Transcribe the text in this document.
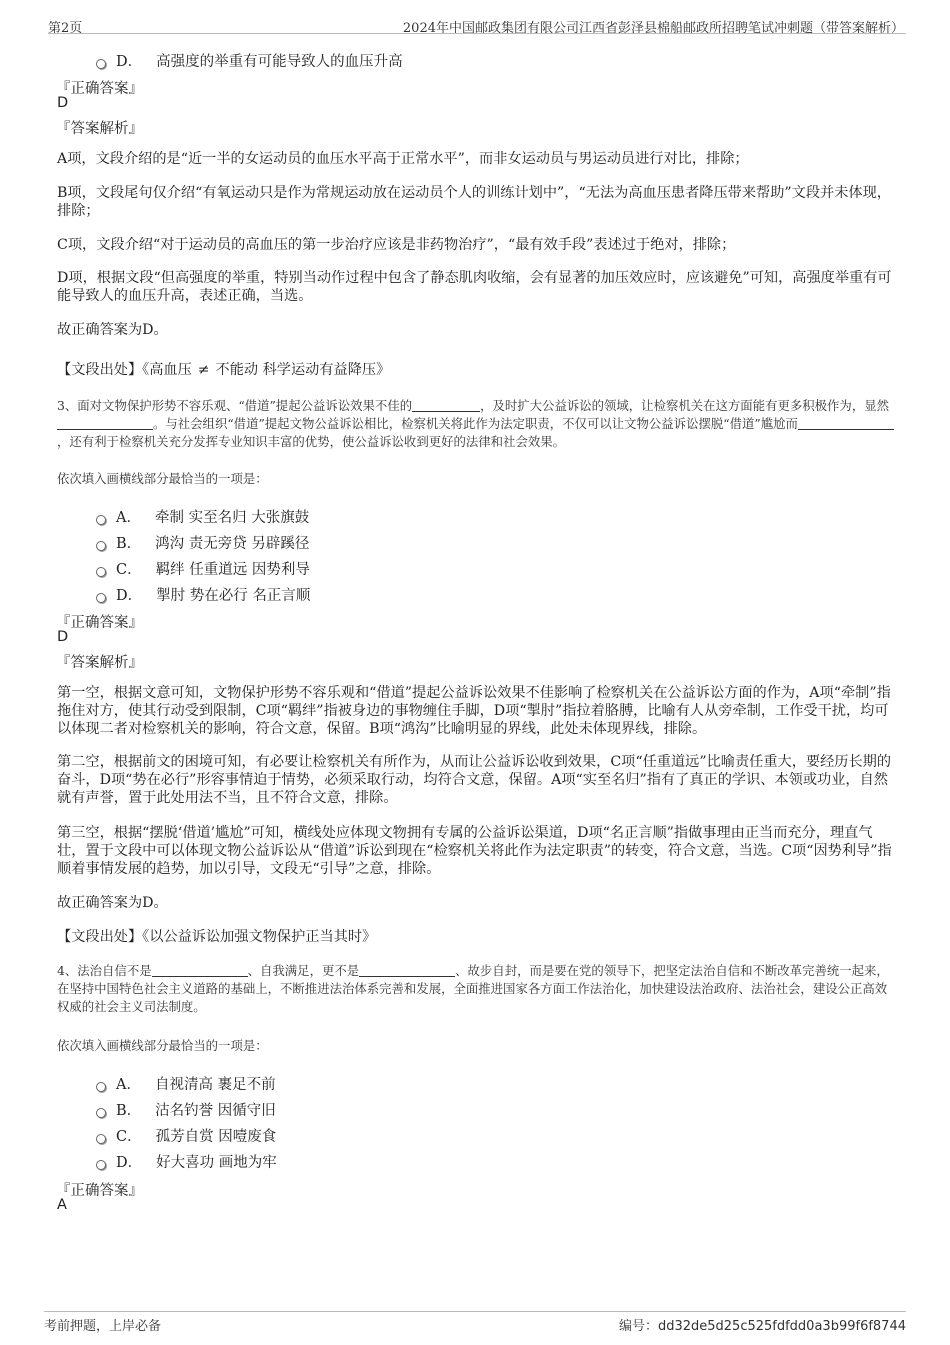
第2页	2024年中国邮政集团有限公司江西省彭泽县棉船邮政所招聘笔试冲刺题（带答案解析）
D． 高强度的举重有可能导致人的血压升高
『正确答案』
D
『答案解析』
A项，文段介绍的是“近一半的女运动员的血压水平高于正常水平”，而非女运动员与男运动员进行对比，排除；
B项，文段尾句仅介绍“有氧运动只是作为常规运动放在运动员个人的训练计划中”，“无法为高血压患者降压带来帮助”文段并未体现，排除；
C项，文段介绍“对于运动员的高血压的第一步治疗应该是非药物治疗”，“最有效手段”表述过于绝对，排除；
D项，根据文段“但高强度的举重，特别当动作过程中包含了静态肌肉收缩，会有显著的加压效应时，应该避免”可知，高强度举重有可能导致人的血压升高，表述正确，当选。
故正确答案为D。
【文段出处】《高血压 ≠ 不能动 科学运动有益降压》
3、面对文物保护形势不容乐观、“借道”提起公益诉讼效果不佳的	，及时扩大公益诉讼的领域，让检察机关在这方面能有更多积极作为，显然。与社会组织“借道”提起文物公益诉讼相比，检察机关将此作为法定职责，不仅可以让文物公益诉讼摆脱“借道”尴尬而，还有利于检察机关充分发挥专业知识丰富的优势，使公益诉讼收到更好的法律和社会效果。
依次填入画横线部分最恰当的一项是：
A． 牵制 实至名归 大张旗鼓
B． 鸿沟 责无旁贷 另辟蹊径
C． 羁绊 任重道远 因势利导
D． 掣肘 势在必行 名正言顺
『正确答案』
D
『答案解析』
第一空，根据文意可知，文物保护形势不容乐观和“借道”提起公益诉讼效果不佳影响了检察机关在公益诉讼方面的作为，A项“牵制”指拖住对方，使其行动受到限制，C项“羁绊”指被身边的事物缠住手脚，D项“掣肘”指拉着胳膊，比喻有人从旁牵制，工作受干扰，均可以体现二者对检察机关的影响，符合文意，保留。B项“鸿沟”比喻明显的界线，此处未体现界线，排除。
第二空，根据前文的困境可知，有必要让检察机关有所作为，从而让公益诉讼收到效果，C项“任重道远”比喻责任重大，要经历长期的奋斗，D项“势在必行”形容事情迫于情势，必须采取行动，均符合文意，保留。A项“实至名归”指有了真正的学识、本领或功业，自然就有声誉，置于此处用法不当，且不符合文意，排除。
第三空，根据“摆脱‘借道’尴尬”可知，横线处应体现文物拥有专属的公益诉讼渠道，D项“名正言顺”指做事理由正当而充分，理直气壮，置于文段中可以体现文物公益诉讼从“借道”诉讼到现在“检察机关将此作为法定职责”的转变，符合文意，当选。C项“因势利导”指顺着事情发展的趋势，加以引导，文段无“引导”之意，排除。
故正确答案为D。
【文段出处】《以公益诉讼加强文物保护正当其时》
4、法治自信不是	、自我满足，更不是	、故步自封，而是要在党的领导下，把坚定法治自信和不断改革完善统一起来，在坚持中国特色社会主义道路的基础上，不断推进法治体系完善和发展，全面推进国家各方面工作法治化，加快建设法治政府、法治社会，建设公正高效权威的社会主义司法制度。
依次填入画横线部分最恰当的一项是：
A． 自视清高 裹足不前
B． 沽名钓誉 因循守旧
C． 孤芳自赏 因噎废食
D． 好大喜功 画地为牢
『正确答案』
A
考前押题，上岸必备	编号：dd32de5d25c525fdfdd0a3b99f6f8744
